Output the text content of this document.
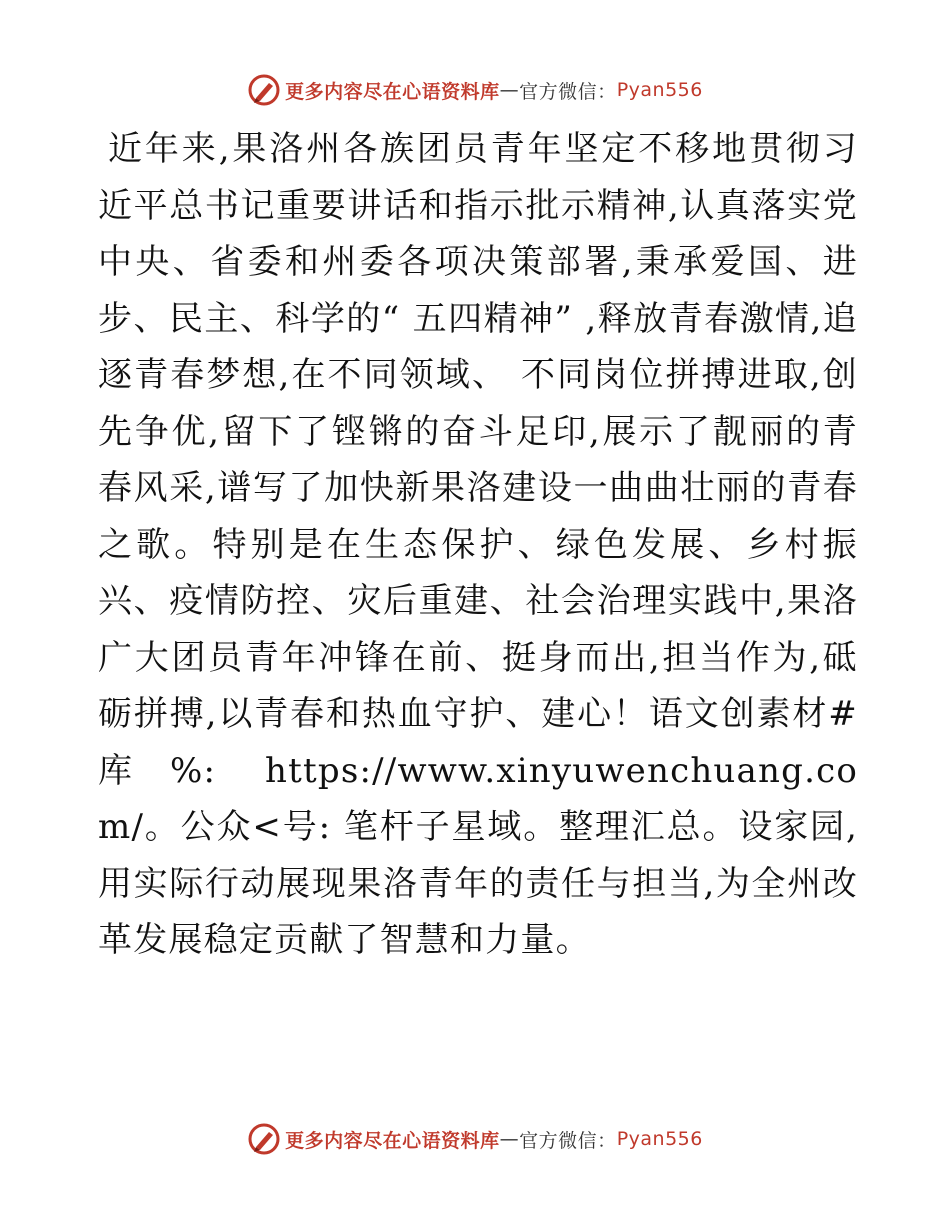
更多内容尽在心语资料库 — 官方微信： Pyan556

近年来,果洛州各族团员青年坚定不移地贯彻习近平总书记重要讲话和指示批示精神,认真落实党中央、省委和州委各项决策部署,秉承爱国、进步、民主、科学的“ 五四精神” ,释放青春激情,追逐青春梦想,在不同领域、 不同岗位拼搏进取,创先争优,留下了铿锵的奋斗足印,展示了靓丽的青春风采,谱写了加快新果洛建设一曲曲壮丽的青春之歌。特别是在生态保护、绿色发展、乡村振兴、疫情防控、灾后重建、社会治理实践中,果洛广大团员青年冲锋在前、挺身而出,担当作为,砥砺拼搏,以青春和热血守护、建心！语文创素材#库%: https://www.xinyuwenchuang.com/。公众<号: 笔杆子星域。整理汇总。设家园,用实际行动展现果洛青年的责任与担当,为全州改革发展稳定贡献了智慧和力量。

更多内容尽在心语资料库 — 官方微信： Pyan556
